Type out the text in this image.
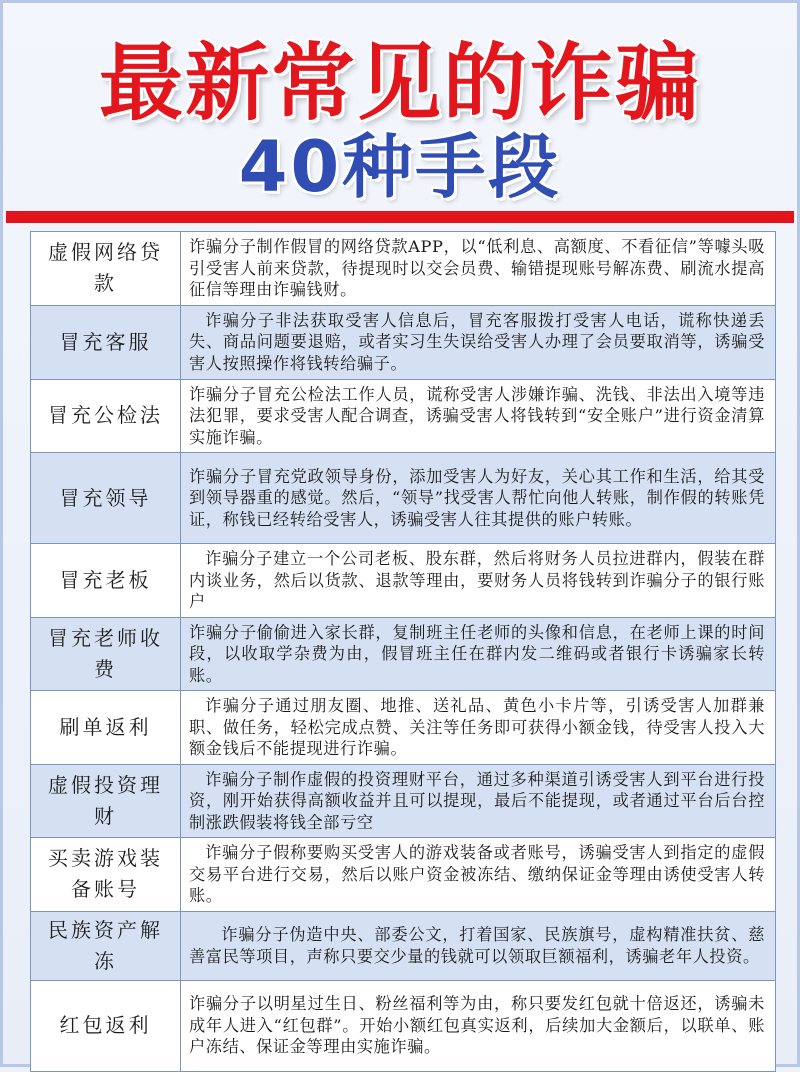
最新常见的诈骗
40种手段
虚假网络贷款	诈骗分子制作假冒的网络贷款APP，以“低利息、高额度、不看征信”等噱头吸引受害人前来贷款，待提现时以交会员费、输错提现账号解冻费、刷流水提高征信等理由诈骗钱财。
冒充客服	诈骗分子非法获取受害人信息后，冒充客服拨打受害人电话，谎称快递丢失、商品问题要退赔，或者实习生失误给受害人办理了会员要取消等，诱骗受害人按照操作将钱转给骗子。
冒充公检法	诈骗分子冒充公检法工作人员，谎称受害人涉嫌诈骗、洗钱、非法出入境等违法犯罪，要求受害人配合调查，诱骗受害人将钱转到“安全账户”进行资金清算实施诈骗。
冒充领导	诈骗分子冒充党政领导身份，添加受害人为好友，关心其工作和生活，给其受到领导器重的感觉。然后，“领导”找受害人帮忙向他人转账，制作假的转账凭证，称钱已经转给受害人，诱骗受害人往其提供的账户转账。
冒充老板	诈骗分子建立一个公司老板、股东群，然后将财务人员拉进群内，假装在群内谈业务，然后以货款、退款等理由，要财务人员将钱转到诈骗分子的银行账户
冒充老师收费	诈骗分子偷偷进入家长群，复制班主任老师的头像和信息，在老师上课的时间段，以收取学杂费为由，假冒班主任在群内发二维码或者银行卡诱骗家长转账。
刷单返利	诈骗分子通过朋友圈、地推、送礼品、黄色小卡片等，引诱受害人加群兼职、做任务，轻松完成点赞、关注等任务即可获得小额金钱，待受害人投入大额金钱后不能提现进行诈骗。
虚假投资理财	诈骗分子制作虚假的投资理财平台，通过多种渠道引诱受害人到平台进行投资，刚开始获得高额收益并且可以提现，最后不能提现，或者通过平台后台控制涨跌假装将钱全部亏空
买卖游戏装备账号	诈骗分子假称要购买受害人的游戏装备或者账号，诱骗受害人到指定的虚假交易平台进行交易，然后以账户资金被冻结、缴纳保证金等理由诱使受害人转账。
民族资产解冻	诈骗分子伪造中央、部委公文，打着国家、民族旗号，虚构精准扶贫、慈善富民等项目，声称只要交少量的钱就可以领取巨额福利，诱骗老年人投资。
红包返利	诈骗分子以明星过生日、粉丝福利等为由，称只要发红包就十倍返还，诱骗未成年人进入“红包群”。开始小额红包真实返利，后续加大金额后，以联单、账户冻结、保证金等理由实施诈骗。
